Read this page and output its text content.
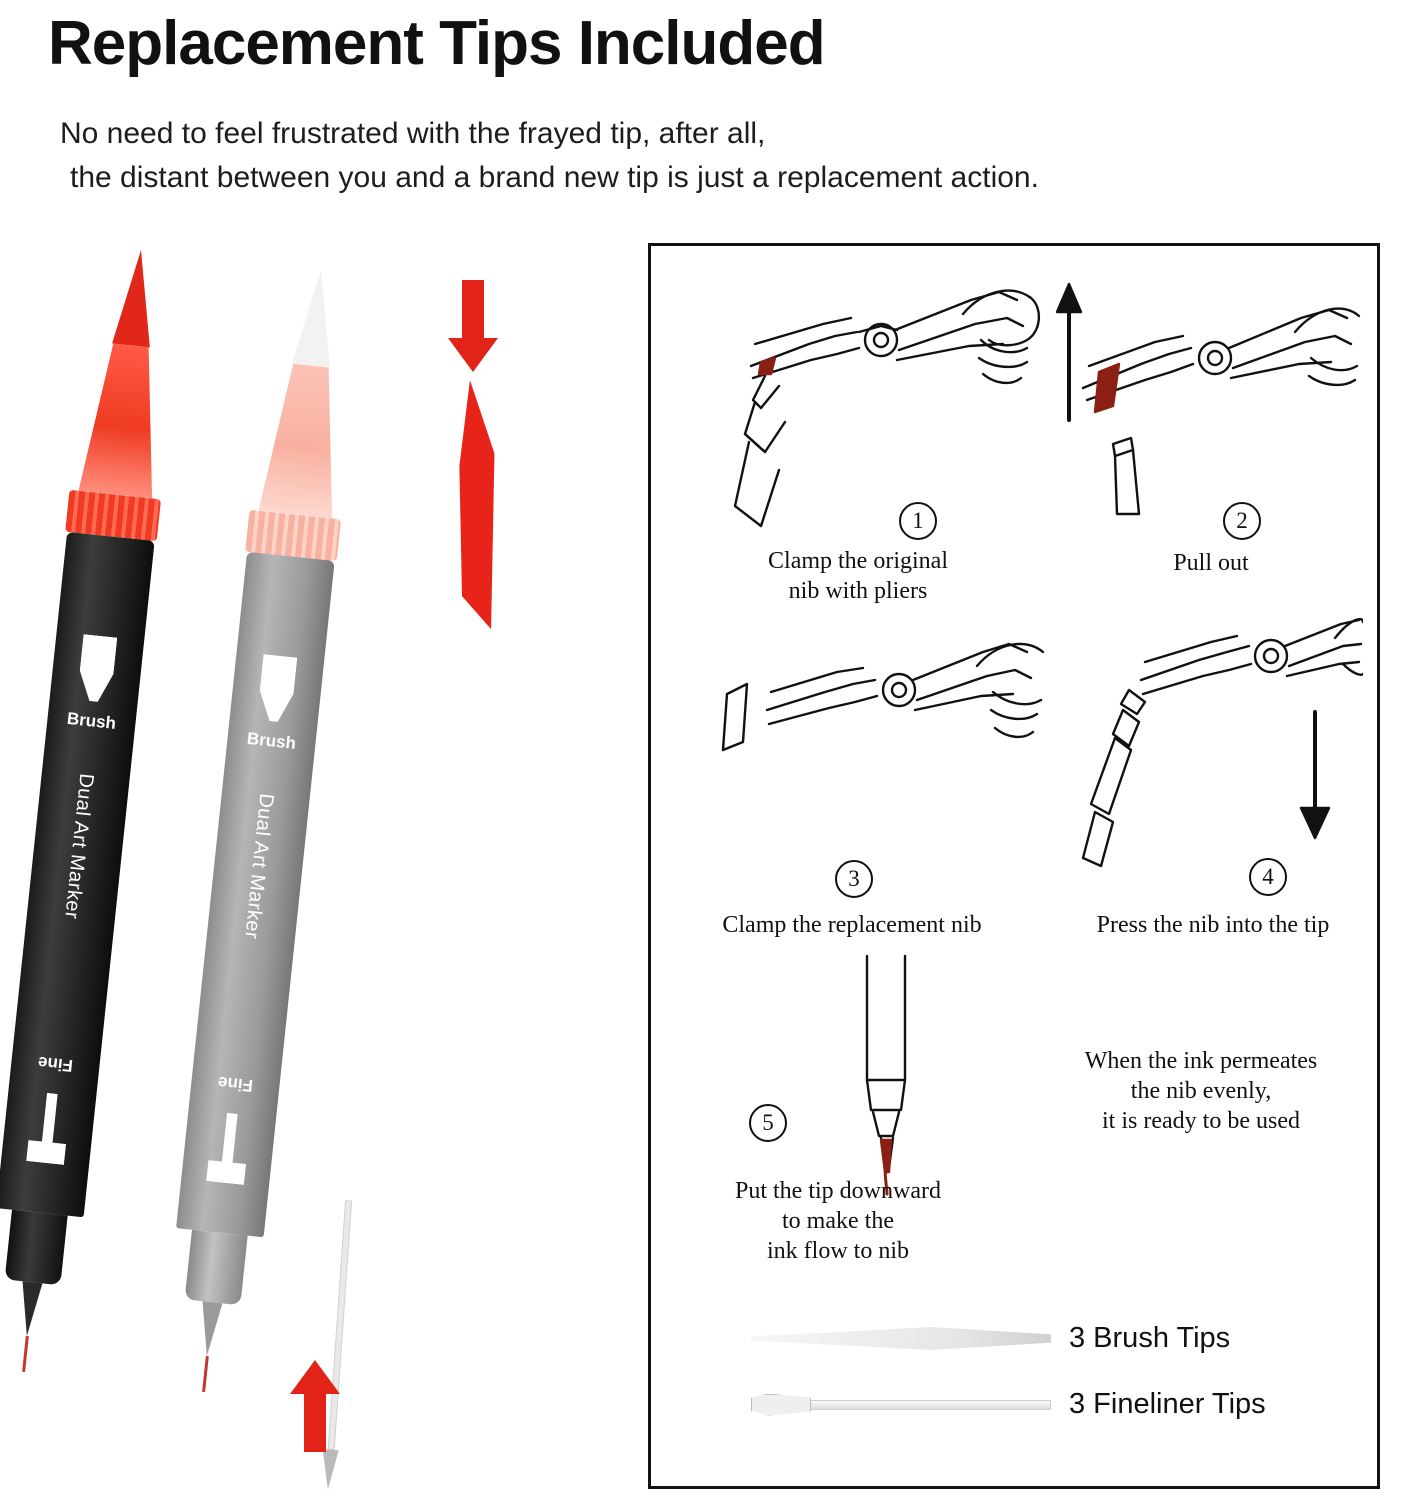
Replacement Tips Included
No need to feel frustrated with the frayed tip, after all,
the distant between you and a brand new tip is just a replacement action.
Brush
Dual Art Marker
Fine
Brush
Dual Art Marker
Fine
1
Clamp the original
nib with pliers
2
Pull out
3
Clamp the replacement nib
4
Press the nib into the tip
5
Put the tip downward
to make the
ink flow to nib
When the ink permeates
the nib evenly,
it is ready to be used
3 Brush Tips
3 Fineliner Tips
